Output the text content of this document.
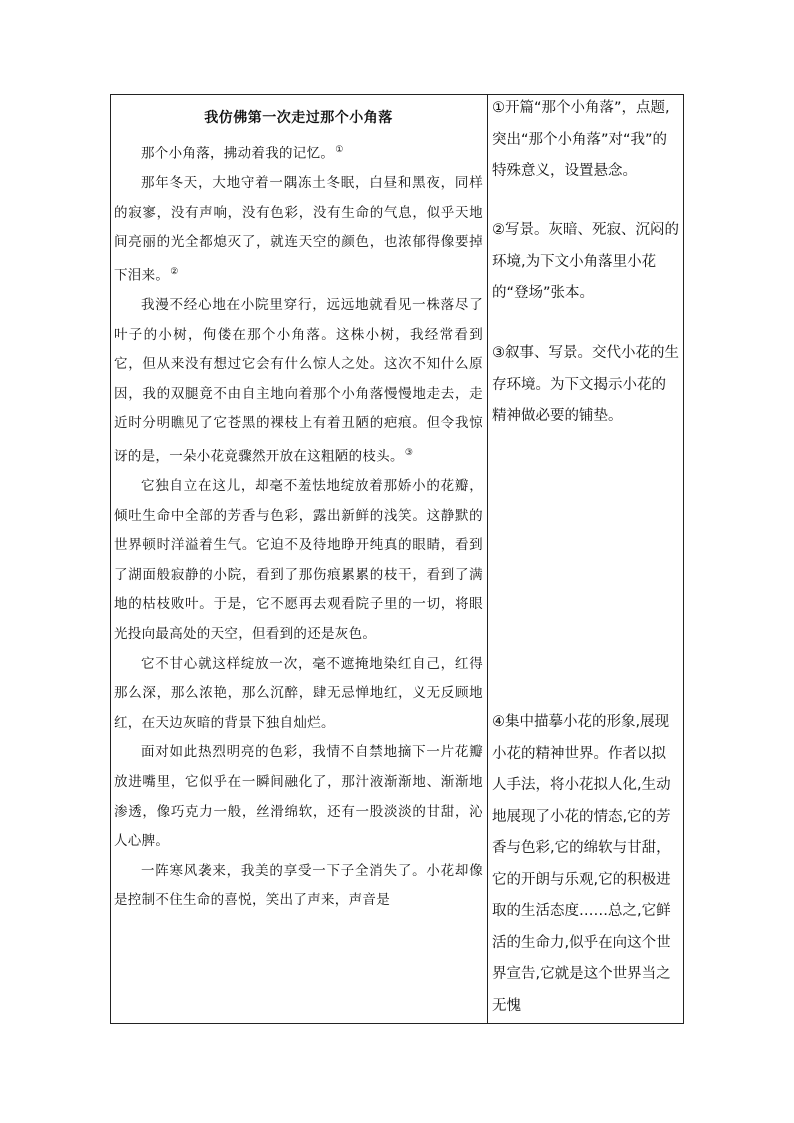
我仿佛第一次走过那个小角落

那个小角落，拂动着我的记忆。①

那年冬天，大地守着一隅冻土冬眠，白昼和黑夜，同样的寂寥，没有声响，没有色彩，没有生命的气息，似乎天地间亮丽的光全都熄灭了，就连天空的颜色，也浓郁得像要掉下泪来。②

我漫不经心地在小院里穿行，远远地就看见一株落尽了叶子的小树，佝偻在那个小角落。这株小树，我经常看到它，但从来没有想过它会有什么惊人之处。这次不知什么原因，我的双腿竟不由自主地向着那个小角落慢慢地走去，走近时分明瞧见了它苍黑的裸枝上有着丑陋的疤痕。但令我惊讶的是，一朵小花竟骤然开放在这粗陋的枝头。③

它独自立在这儿，却毫不羞怯地绽放着那娇小的花瓣，倾吐生命中全部的芳香与色彩，露出新鲜的浅笑。这静默的世界顿时洋溢着生气。它迫不及待地睁开纯真的眼睛，看到了湖面般寂静的小院，看到了那伤痕累累的枝干，看到了满地的枯枝败叶。于是，它不愿再去观看院子里的一切，将眼光投向最高处的天空，但看到的还是灰色。

它不甘心就这样绽放一次，毫不遮掩地染红自己，红得那么深，那么浓艳，那么沉醉，肆无忌惮地红，义无反顾地红，在天边灰暗的背景下独自灿烂。

面对如此热烈明亮的色彩，我情不自禁地摘下一片花瓣放进嘴里，它似乎在一瞬间融化了，那汁液渐渐地、渐渐地渗透，像巧克力一般，丝滑绵软，还有一股淡淡的甘甜，沁人心脾。

一阵寒风袭来，我美的享受一下子全消失了。小花却像是控制不住生命的喜悦，笑出了声来，声音是

①开篇“那个小角落”，点题,突出“那个小角落”对“我”的特殊意义，设置悬念。
②写景。灰暗、死寂、沉闷的环境,为下文小角落里小花的“登场”张本。
③叙事、写景。交代小花的生存环境。为下文揭示小花的精神做必要的铺垫。
④集中描摹小花的形象,展现小花的精神世界。作者以拟人手法，将小花拟人化,生动地展现了小花的情态,它的芳香与色彩,它的绵软与甘甜，它的开朗与乐观,它的积极进取的生活态度……总之,它鲜活的生命力,似乎在向这个世界宣告,它就是这个世界当之无愧
